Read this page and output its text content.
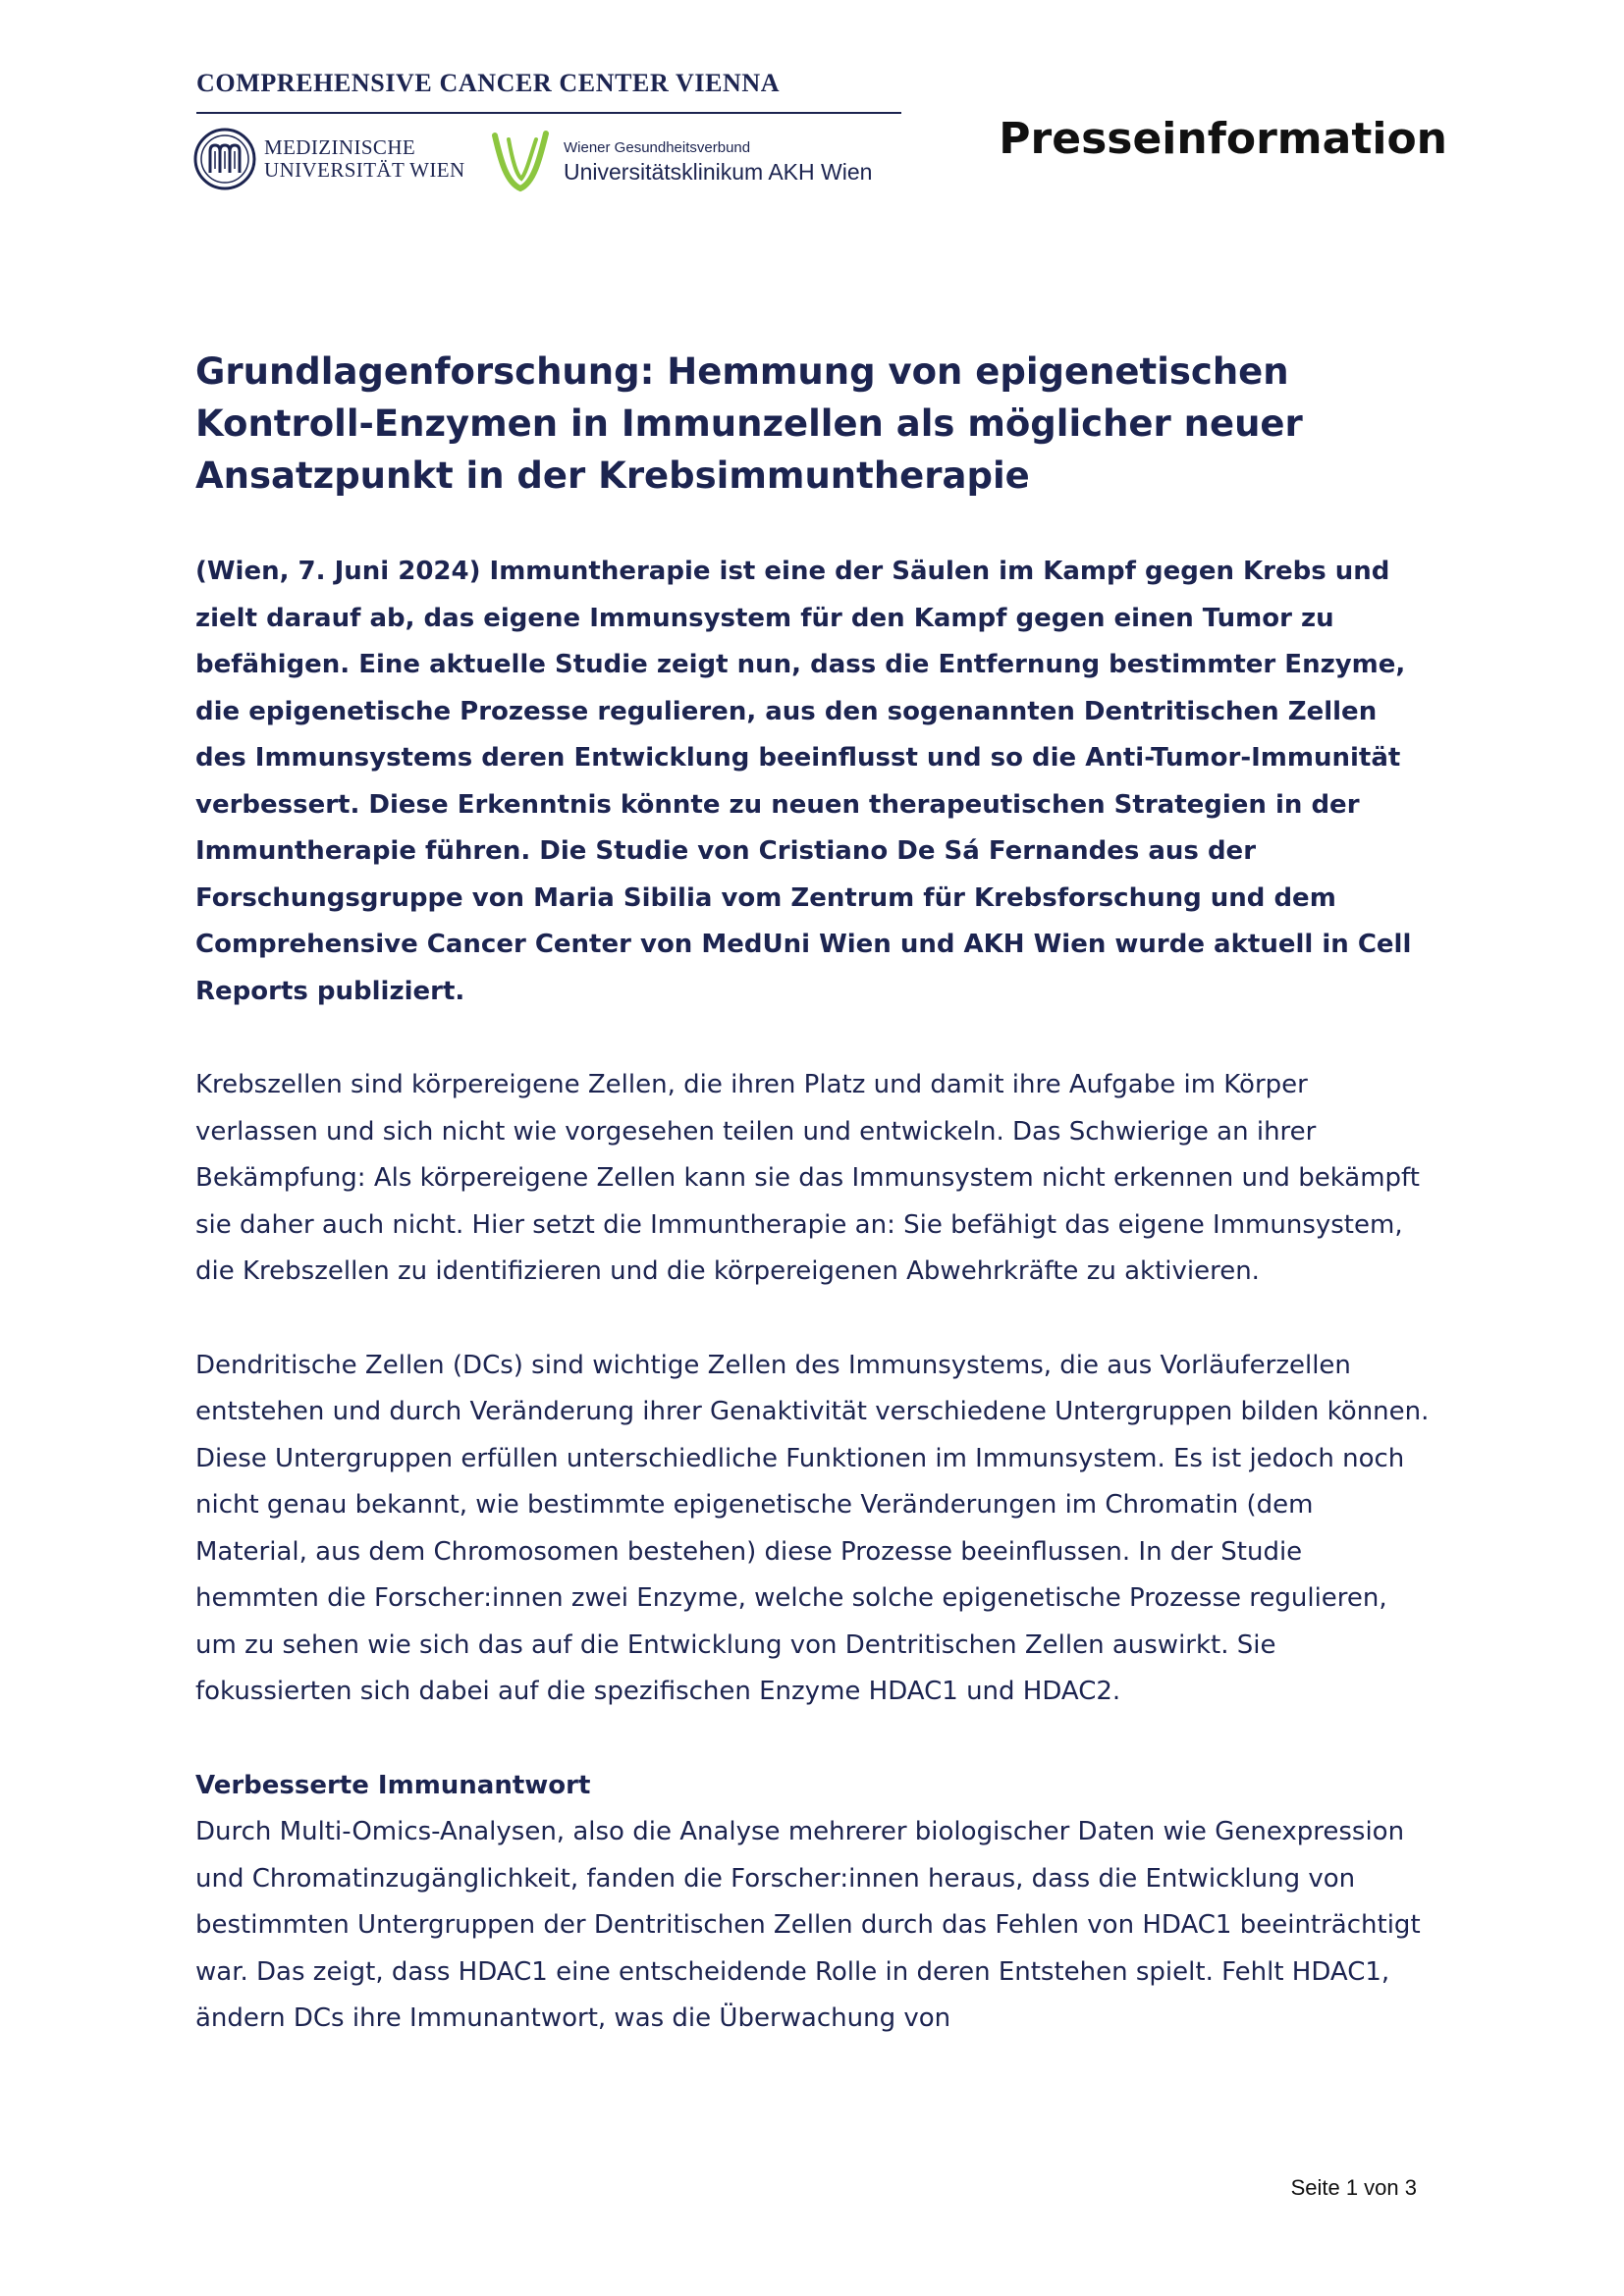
COMPREHENSIVE CANCER CENTER VIENNA
MEDIZINISCHE
UNIVERSITÄT WIEN
Wiener Gesundheitsverbund
Universitätsklinikum AKH Wien
Presseinformation
Grundlagenforschung: Hemmung von epigenetischen Kontroll-Enzymen in Immunzellen als möglicher neuer Ansatzpunkt in der Krebsimmuntherapie

(Wien, 7. Juni 2024) Immuntherapie ist eine der Säulen im Kampf gegen Krebs und zielt darauf ab, das eigene Immunsystem für den Kampf gegen einen Tumor zu befähigen. Eine aktuelle Studie zeigt nun, dass die Entfernung bestimmter Enzyme, die epigenetische Prozesse regulieren, aus den sogenannten Dentritischen Zellen des Immunsystems deren Entwicklung beeinflusst und so die Anti-Tumor-Immunität verbessert. Diese Erkenntnis könnte zu neuen therapeutischen Strategien in der Immuntherapie führen. Die Studie von Cristiano De Sá Fernandes aus der Forschungsgruppe von Maria Sibilia vom Zentrum für Krebsforschung und dem Comprehensive Cancer Center von MedUni Wien und AKH Wien wurde aktuell in Cell Reports publiziert.

Krebszellen sind körpereigene Zellen, die ihren Platz und damit ihre Aufgabe im Körper verlassen und sich nicht wie vorgesehen teilen und entwickeln. Das Schwierige an ihrer Bekämpfung: Als körpereigene Zellen kann sie das Immunsystem nicht erkennen und bekämpft sie daher auch nicht. Hier setzt die Immuntherapie an: Sie befähigt das eigene Immunsystem, die Krebszellen zu identifizieren und die körpereigenen Abwehrkräfte zu aktivieren.

Dendritische Zellen (DCs) sind wichtige Zellen des Immunsystems, die aus Vorläuferzellen entstehen und durch Veränderung ihrer Genaktivität verschiedene Untergruppen bilden können. Diese Untergruppen erfüllen unterschiedliche Funktionen im Immunsystem. Es ist jedoch noch nicht genau bekannt, wie bestimmte epigenetische Veränderungen im Chromatin (dem Material, aus dem Chromosomen bestehen) diese Prozesse beeinflussen. In der Studie hemmten die Forscher:innen zwei Enzyme, welche solche epigenetische Prozesse regulieren, um zu sehen wie sich das auf die Entwicklung von Dentritischen Zellen auswirkt. Sie fokussierten sich dabei auf die spezifischen Enzyme HDAC1 und HDAC2.

Verbesserte Immunantwort

Durch Multi-Omics-Analysen, also die Analyse mehrerer biologischer Daten wie Genexpression und Chromatinzugänglichkeit, fanden die Forscher:innen heraus, dass die Entwicklung von bestimmten Untergruppen der Dentritischen Zellen durch das Fehlen von HDAC1 beeinträchtigt war. Das zeigt, dass HDAC1 eine entscheidende Rolle in deren Entstehen spielt. Fehlt HDAC1, ändern DCs ihre Immunantwort, was die Überwachung von

Seite 1 von 3
